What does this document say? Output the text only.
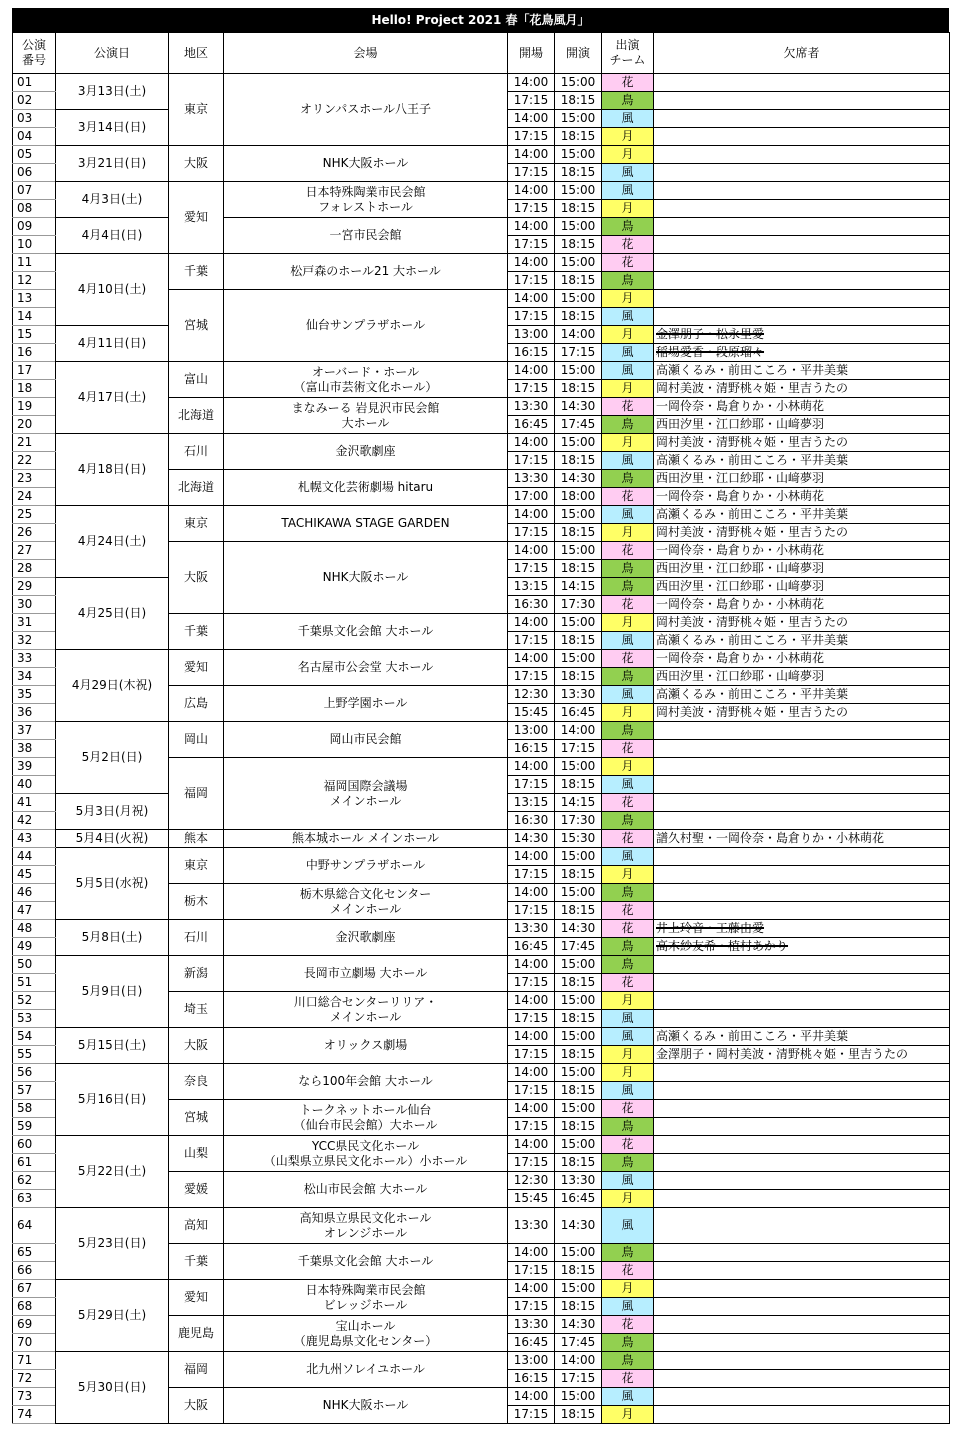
Hello! Project 2021 春「花鳥風月」
公演
番号	公演日	地区	会場	開場	開演	出演
チーム	欠席者
01	3月13日(土)	東京	オリンパスホール八王子	14:00	15:00	花	
02				17:15	18:15	鳥	
03	3月14日(日)			14:00	15:00	風	
04				17:15	18:15	月	
05	3月21日(日)	大阪	NHK大阪ホール	14:00	15:00	月	
06				17:15	18:15	風	
07	4月3日(土)	愛知	日本特殊陶業市民会館
フォレストホール	14:00	15:00	風	
08				17:15	18:15	月	
09	4月4日(日)		一宮市民会館	14:00	15:00	鳥	
10				17:15	18:15	花	
11	4月10日(土)	千葉	松戸森のホール21 大ホール	14:00	15:00	花	
12				17:15	18:15	鳥	
13		宮城	仙台サンプラザホール	14:00	15:00	月	
14				17:15	18:15	風	
15	4月11日(日)			13:00	14:00	月	金澤朋子・松永里愛
16				16:15	17:15	風	稲場愛香・段原瑠々
17	4月17日(土)	富山	オーバード・ホール
（富山市芸術文化ホール）	14:00	15:00	風	高瀬くるみ・前田こころ・平井美葉
18				17:15	18:15	月	岡村美波・清野桃々姫・里吉うたの
19		北海道	まなみーる 岩見沢市民会館
大ホール	13:30	14:30	花	一岡伶奈・島倉りか・小林萌花
20				16:45	17:45	鳥	西田汐里・江口紗耶・山﨑夢羽
21	4月18日(日)	石川	金沢歌劇座	14:00	15:00	月	岡村美波・清野桃々姫・里吉うたの
22				17:15	18:15	風	高瀬くるみ・前田こころ・平井美葉
23		北海道	札幌文化芸術劇場 hitaru	13:30	14:30	鳥	西田汐里・江口紗耶・山﨑夢羽
24				17:00	18:00	花	一岡伶奈・島倉りか・小林萌花
25	4月24日(土)	東京	TACHIKAWA STAGE GARDEN	14:00	15:00	風	高瀬くるみ・前田こころ・平井美葉
26				17:15	18:15	月	岡村美波・清野桃々姫・里吉うたの
27		大阪	NHK大阪ホール	14:00	15:00	花	一岡伶奈・島倉りか・小林萌花
28				17:15	18:15	鳥	西田汐里・江口紗耶・山﨑夢羽
29	4月25日(日)			13:15	14:15	鳥	西田汐里・江口紗耶・山﨑夢羽
30				16:30	17:30	花	一岡伶奈・島倉りか・小林萌花
31		千葉	千葉県文化会館 大ホール	14:00	15:00	月	岡村美波・清野桃々姫・里吉うたの
32				17:15	18:15	風	高瀬くるみ・前田こころ・平井美葉
33	4月29日(木祝)	愛知	名古屋市公会堂 大ホール	14:00	15:00	花	一岡伶奈・島倉りか・小林萌花
34				17:15	18:15	鳥	西田汐里・江口紗耶・山﨑夢羽
35		広島	上野学園ホール	12:30	13:30	風	高瀬くるみ・前田こころ・平井美葉
36				15:45	16:45	月	岡村美波・清野桃々姫・里吉うたの
37	5月2日(日)	岡山	岡山市民会館	13:00	14:00	鳥	
38				16:15	17:15	花	
39		福岡	福岡国際会議場
メインホール	14:00	15:00	月	
40				17:15	18:15	風	
41	5月3日(月祝)			13:15	14:15	花	
42				16:30	17:30	鳥	
43	5月4日(火祝)	熊本	熊本城ホール メインホール	14:30	15:30	花	譜久村聖・一岡伶奈・島倉りか・小林萌花
44	5月5日(水祝)	東京	中野サンプラザホール	14:00	15:00	風	
45				17:15	18:15	月	
46		栃木	栃木県総合文化センター
メインホール	14:00	15:00	鳥	
47				17:15	18:15	花	
48	5月8日(土)	石川	金沢歌劇座	13:30	14:30	花	井上玲音・工藤由愛
49				16:45	17:45	鳥	高木紗友希・植村あかり
50	5月9日(日)	新潟	長岡市立劇場 大ホール	14:00	15:00	鳥	
51				17:15	18:15	花	
52		埼玉	川口総合センターリリア・
メインホール	14:00	15:00	月	
53				17:15	18:15	風	
54	5月15日(土)	大阪	オリックス劇場	14:00	15:00	風	高瀬くるみ・前田こころ・平井美葉
55				17:15	18:15	月	金澤朋子・岡村美波・清野桃々姫・里吉うたの
56	5月16日(日)	奈良	なら100年会館 大ホール	14:00	15:00	月	
57				17:15	18:15	風	
58		宮城	トークネットホール仙台
（仙台市民会館）大ホール	14:00	15:00	花	
59				17:15	18:15	鳥	
60	5月22日(土)	山梨	YCC県民文化ホール
（山梨県立県民文化ホール）小ホール	14:00	15:00	花	
61				17:15	18:15	鳥	
62		愛媛	松山市民会館 大ホール	12:30	13:30	風	
63				15:45	16:45	月	
64	5月23日(日)	高知	高知県立県民文化ホール
オレンジホール	13:30	14:30	風	
65		千葉	千葉県文化会館 大ホール	14:00	15:00	鳥	
66				17:15	18:15	花	
67	5月29日(土)	愛知	日本特殊陶業市民会館
ビレッジホール	14:00	15:00	月	
68				17:15	18:15	風	
69		鹿児島	宝山ホール
（鹿児島県文化センター）	13:30	14:30	花	
70				16:45	17:45	鳥	
71	5月30日(日)	福岡	北九州ソレイユホール	13:00	14:00	鳥	
72				16:15	17:15	花	
73		大阪	NHK大阪ホール	14:00	15:00	風	
74				17:15	18:15	月	
